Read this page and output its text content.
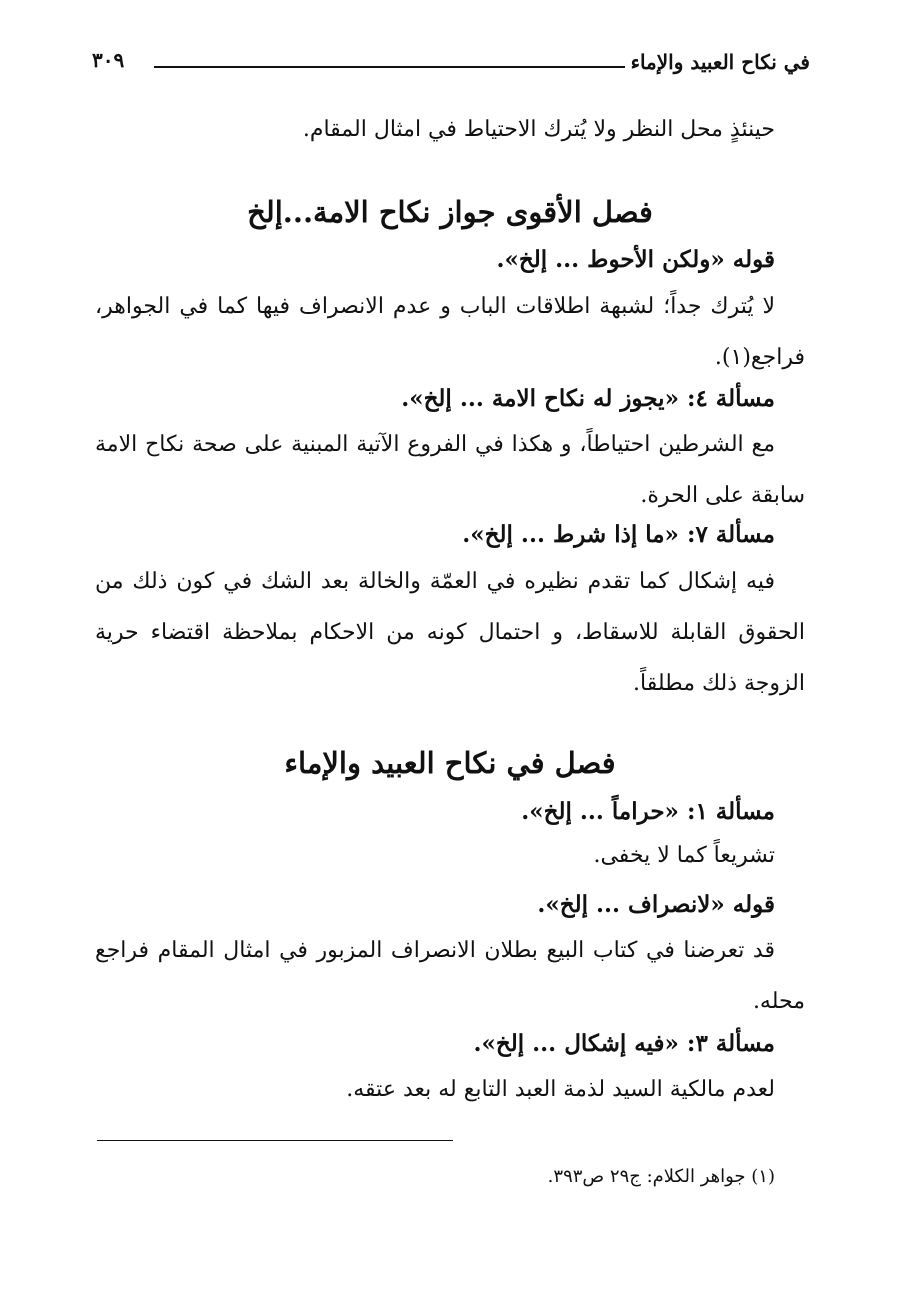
في نكاح العبيد والإماء
٣٠٩

حينئذٍ محل النظر ولا يُترك الاحتياط في امثال المقام.

فصل الأقوى جواز نكاح الامة...إلخ

قوله «ولكن الأحوط ... إلخ».

لا يُترك جداً؛ لشبهة اطلاقات الباب و عدم الانصراف فيها كما في الجواهر، فراجع(١).

مسألة ٤: «يجوز له نكاح الامة ... إلخ».

مع الشرطين احتياطاً، و هكذا في الفروع الآتية المبنية على صحة نكاح الامة سابقة على الحرة.

مسألة ٧: «ما إذا شرط ... إلخ».

فيه إشكال كما تقدم نظيره في العمّة والخالة بعد الشك في كون ذلك من الحقوق القابلة للاسقاط، و احتمال كونه من الاحكام بملاحظة اقتضاء حرية الزوجة ذلك مطلقاً.

فصل في نكاح العبيد والإماء

مسألة ١: «حراماً ... إلخ».

تشريعاً كما لا يخفى.

قوله «لانصراف ... إلخ».

قد تعرضنا في كتاب البيع بطلان الانصراف المزبور في امثال المقام فراجع محله.

مسألة ٣: «فيه إشكال ... إلخ».

لعدم مالكية السيد لذمة العبد التابع له بعد عتقه.

(١) جواهر الكلام: ج٢٩ ص٣٩٣.
